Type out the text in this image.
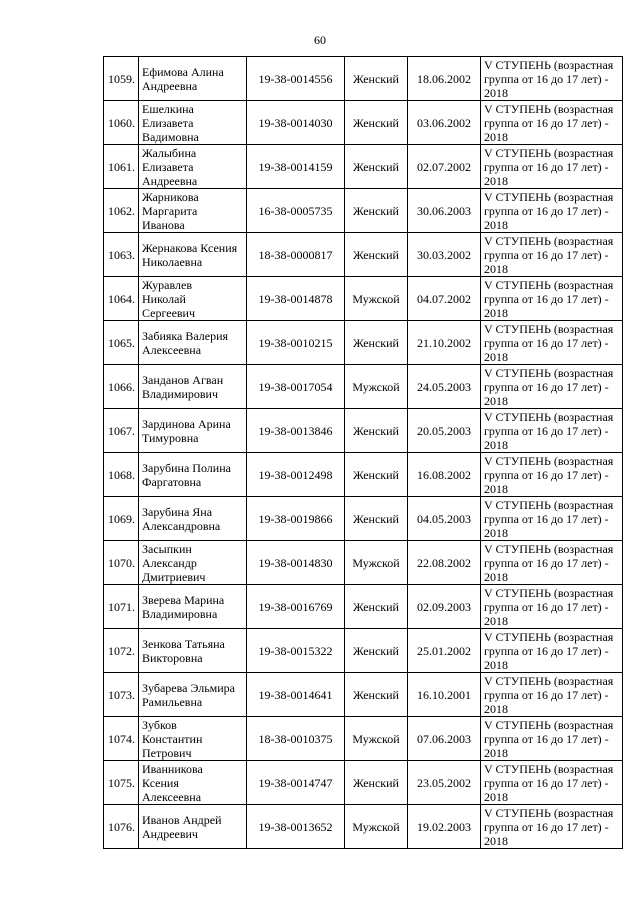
60
1059.	Ефимова Алина
Андреевна	19-38-0014556	Женский	18.06.2002	V СТУПЕНЬ (возрастная
группа от 16 до 17 лет) -
2018

1060.	Ешелкина
Елизавета
Вадимовна	19-38-0014030	Женский	03.06.2002	V СТУПЕНЬ (возрастная
группа от 16 до 17 лет) -
2018

1061.	Жалыбина
Елизавета
Андреевна	19-38-0014159	Женский	02.07.2002	V СТУПЕНЬ (возрастная
группа от 16 до 17 лет) -
2018

1062.	Жарникова
Маргарита
Иванова	16-38-0005735	Женский	30.06.2003	V СТУПЕНЬ (возрастная
группа от 16 до 17 лет) -
2018

1063.	Жернакова Ксения
Николаевна	18-38-0000817	Женский	30.03.2002	V СТУПЕНЬ (возрастная
группа от 16 до 17 лет) -
2018

1064.	Журавлев
Николай
Сергеевич	19-38-0014878	Мужской	04.07.2002	V СТУПЕНЬ (возрастная
группа от 16 до 17 лет) -
2018

1065.	Забияка Валерия
Алексеевна	19-38-0010215	Женский	21.10.2002	V СТУПЕНЬ (возрастная
группа от 16 до 17 лет) -
2018

1066.	Занданов Агван
Владимирович	19-38-0017054	Мужской	24.05.2003	V СТУПЕНЬ (возрастная
группа от 16 до 17 лет) -
2018

1067.	Зардинова Арина
Тимуровна	19-38-0013846	Женский	20.05.2003	V СТУПЕНЬ (возрастная
группа от 16 до 17 лет) -
2018

1068.	Зарубина Полина
Фаргатовна	19-38-0012498	Женский	16.08.2002	V СТУПЕНЬ (возрастная
группа от 16 до 17 лет) -
2018

1069.	Зарубина Яна
Александровна	19-38-0019866	Женский	04.05.2003	V СТУПЕНЬ (возрастная
группа от 16 до 17 лет) -
2018

1070.	Засыпкин
Александр
Дмитриевич	19-38-0014830	Мужской	22.08.2002	V СТУПЕНЬ (возрастная
группа от 16 до 17 лет) -
2018

1071.	Зверева Марина
Владимировна	19-38-0016769	Женский	02.09.2003	V СТУПЕНЬ (возрастная
группа от 16 до 17 лет) -
2018

1072.	Зенкова Татьяна
Викторовна	19-38-0015322	Женский	25.01.2002	V СТУПЕНЬ (возрастная
группа от 16 до 17 лет) -
2018

1073.	Зубарева Эльмира
Рамильевна	19-38-0014641	Женский	16.10.2001	V СТУПЕНЬ (возрастная
группа от 16 до 17 лет) -
2018

1074.	Зубков
Константин
Петрович	18-38-0010375	Мужской	07.06.2003	V СТУПЕНЬ (возрастная
группа от 16 до 17 лет) -
2018

1075.	Иванникова
Ксения
Алексеевна	19-38-0014747	Женский	23.05.2002	V СТУПЕНЬ (возрастная
группа от 16 до 17 лет) -
2018

1076.	Иванов Андрей
Андреевич	19-38-0013652	Мужской	19.02.2003	V СТУПЕНЬ (возрастная
группа от 16 до 17 лет) -
2018
